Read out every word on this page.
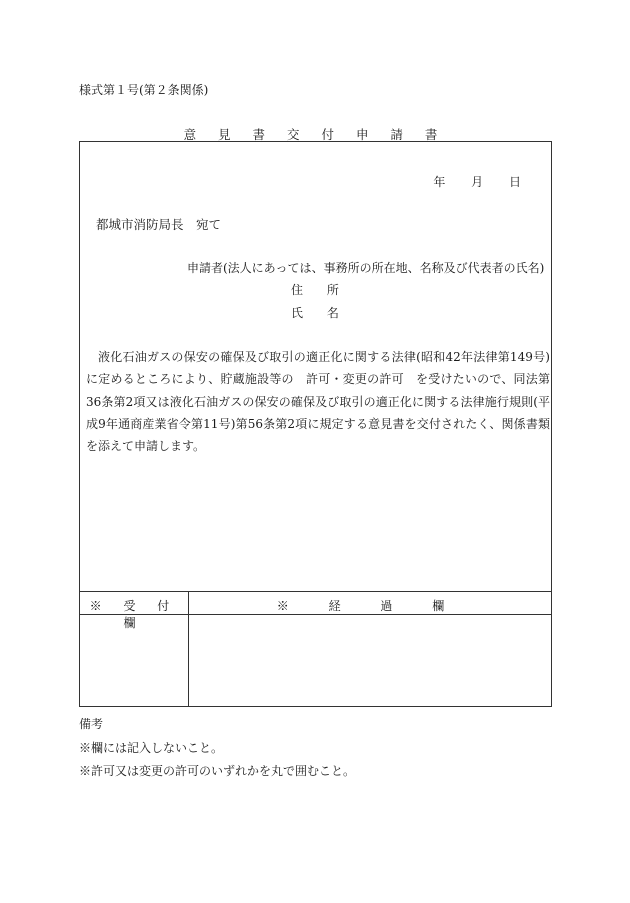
様式第１号(第２条関係)
意 見 書 交 付 申 請 書
年 月 日
都城市消防局長　宛て
申請者(法人にあっては、事務所の所在地、名称及び代表者の氏名)
住 所
氏 名
液化石油ガスの保安の確保及び取引の適正化に関する法律(昭和42年法律第149号)に定めるところにより、貯蔵施設等の　許可・変更の許可　を受けたいので、同法第36条第2項又は液化石油ガスの保安の確保及び取引の適正化に関する法律施行規則(平成9年通商産業省令第11号)第56条第2項に規定する意見書を交付されたく、関係書類を添えて申請します。
※ 受 付 欄
※ 経 過 欄
備考
※欄には記入しないこと。
※許可又は変更の許可のいずれかを丸で囲むこと。
